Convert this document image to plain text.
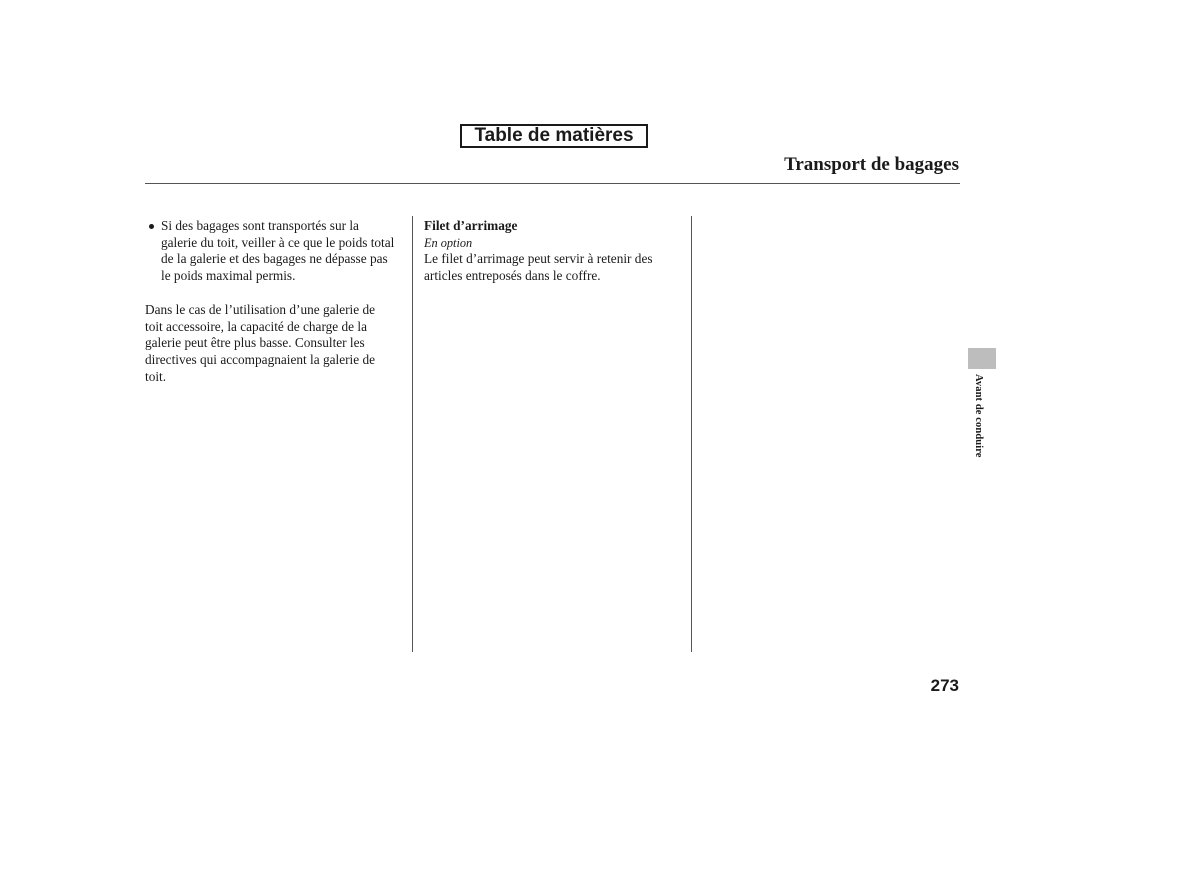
Table de matières
Transport de bagages
Si des bagages sont transportés sur la galerie du toit, veiller à ce que le poids total de la galerie et des bagages ne dépasse pas le poids maximal permis.
Dans le cas de l’utilisation d’une galerie de toit accessoire, la capacité de charge de la galerie peut être plus basse. Consulter les directives qui accompagnaient la galerie de toit.
Filet d’arrimage
En option
Le filet d’arrimage peut servir à retenir des articles entreposés dans le coffre.
Avant de conduire
273
